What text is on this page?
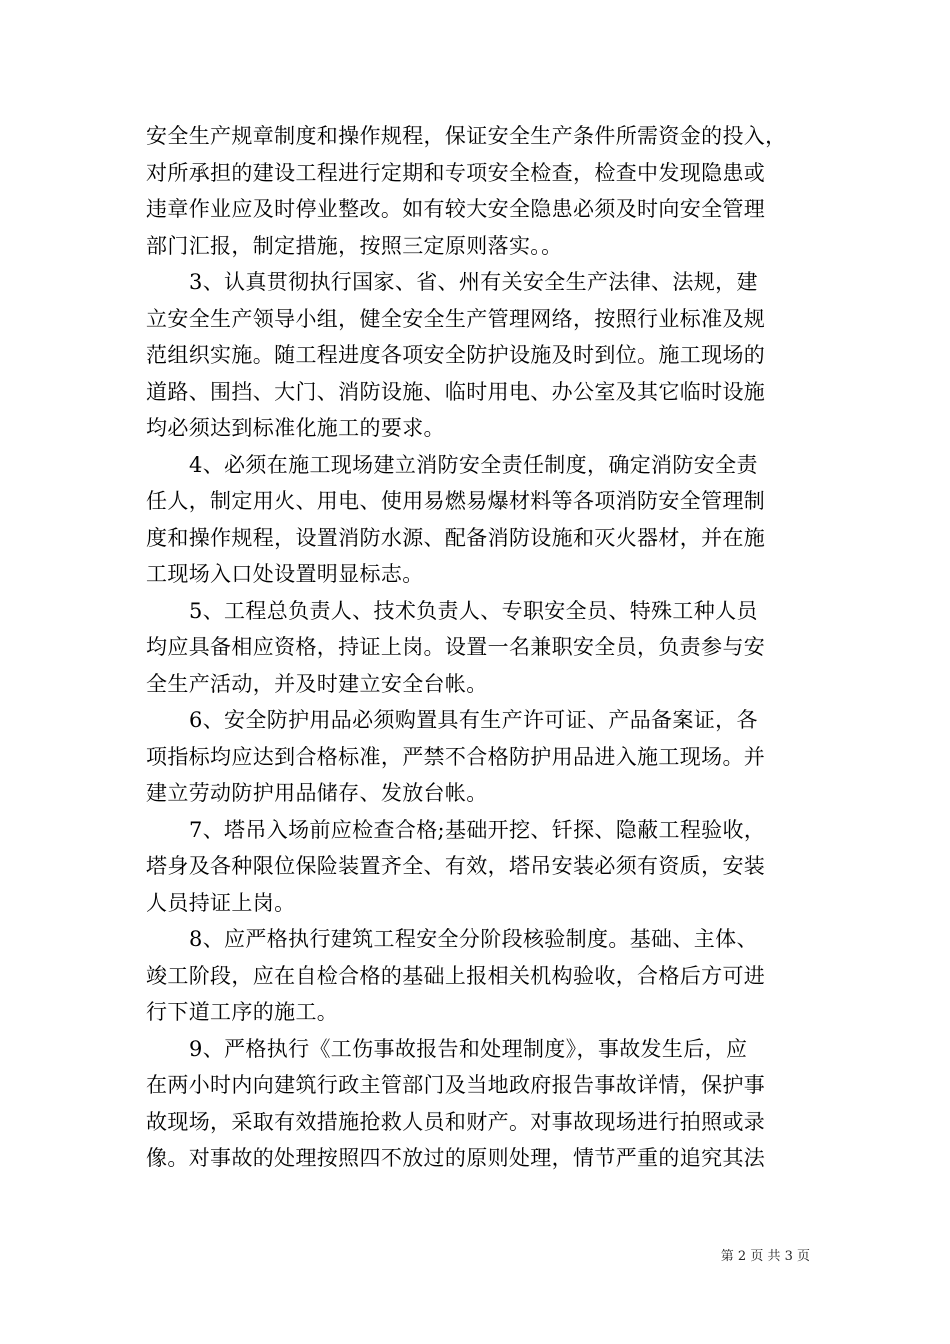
安全生产规章制度和操作规程，保证安全生产条件所需资金的投入，
对所承担的建设工程进行定期和专项安全检查，检查中发现隐患或
违章作业应及时停业整改。如有较大安全隐患必须及时向安全管理
部门汇报，制定措施，按照三定原则落实。。
3、认真贯彻执行国家、省、州有关安全生产法律、法规，建
立安全生产领导小组，健全安全生产管理网络，按照行业标准及规
范组织实施。随工程进度各项安全防护设施及时到位。施工现场的
道路、围挡、大门、消防设施、临时用电、办公室及其它临时设施
均必须达到标准化施工的要求。
4、必须在施工现场建立消防安全责任制度，确定消防安全责
任人，制定用火、用电、使用易燃易爆材料等各项消防安全管理制
度和操作规程，设置消防水源、配备消防设施和灭火器材，并在施
工现场入口处设置明显标志。
5、工程总负责人、技术负责人、专职安全员、特殊工种人员
均应具备相应资格，持证上岗。设置一名兼职安全员，负责参与安
全生产活动，并及时建立安全台帐。
6、安全防护用品必须购置具有生产许可证、产品备案证，各
项指标均应达到合格标准，严禁不合格防护用品进入施工现场。并
建立劳动防护用品储存、发放台帐。
7、塔吊入场前应检查合格;基础开挖、钎探、隐蔽工程验收，
塔身及各种限位保险装置齐全、有效，塔吊安装必须有资质，安装
人员持证上岗。
8、应严格执行建筑工程安全分阶段核验制度。基础、主体、
竣工阶段，应在自检合格的基础上报相关机构验收，合格后方可进
行下道工序的施工。
9、严格执行《工伤事故报告和处理制度》，事故发生后，应
在两小时内向建筑行政主管部门及当地政府报告事故详情，保护事
故现场，采取有效措施抢救人员和财产。对事故现场进行拍照或录
像。对事故的处理按照四不放过的原则处理，情节严重的追究其法
第 2 页 共 3 页
